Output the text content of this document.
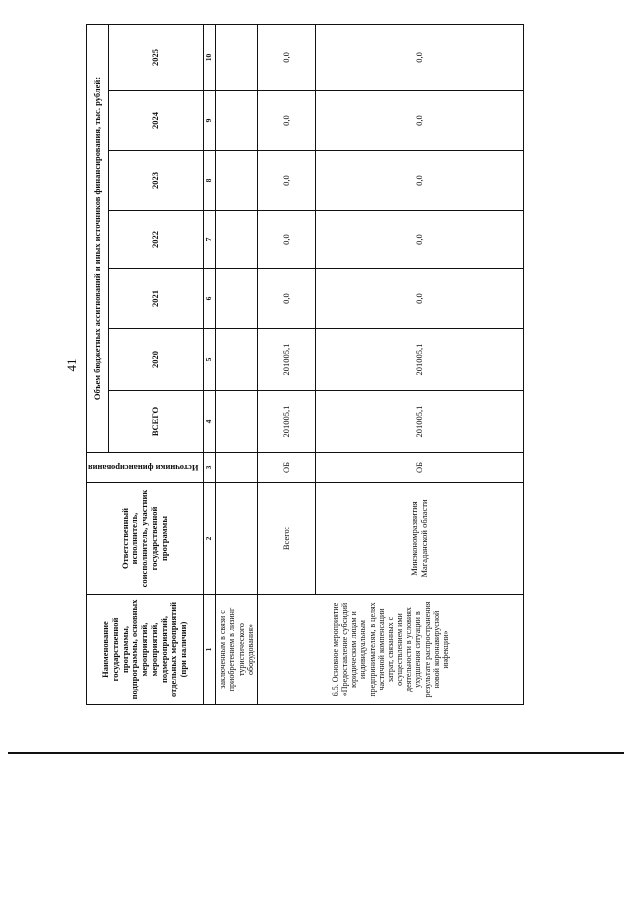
41
Наименование государственной программы, подпрограммы, основных мероприятий, мероприятий, подмероприятий, отдельных мероприятий (при наличии)	Ответственный исполнитель, соисполнитель, участник государственной программы	Источники финансирования	Объем бюджетных ассигнований и иных источников финансирования, тыс. рублей:						
			ВСЕГО	2020	2021	2022	2023	2024	2025
1	2	3	4	5	6	7	8	9	10
заключенным в связи с приобретением в лизинг туристического оборудования»									
6.5. Основное мероприятие «Предоставление субсидий юридическим лицам и индивидуальным предпринимателям, в целях частичной компенсации затрат, связанных с осуществлением ими деятельности в условиях ухудшения ситуации в результате распространения новой коронавирусной инфекции»	Всего:	ОБ	201005,1	201005,1	0,0	0,0	0,0	0,0	0,0
	Минэкономразвития Магаданской области	ОБ	201005,1	201005,1	0,0	0,0	0,0	0,0	0,0
